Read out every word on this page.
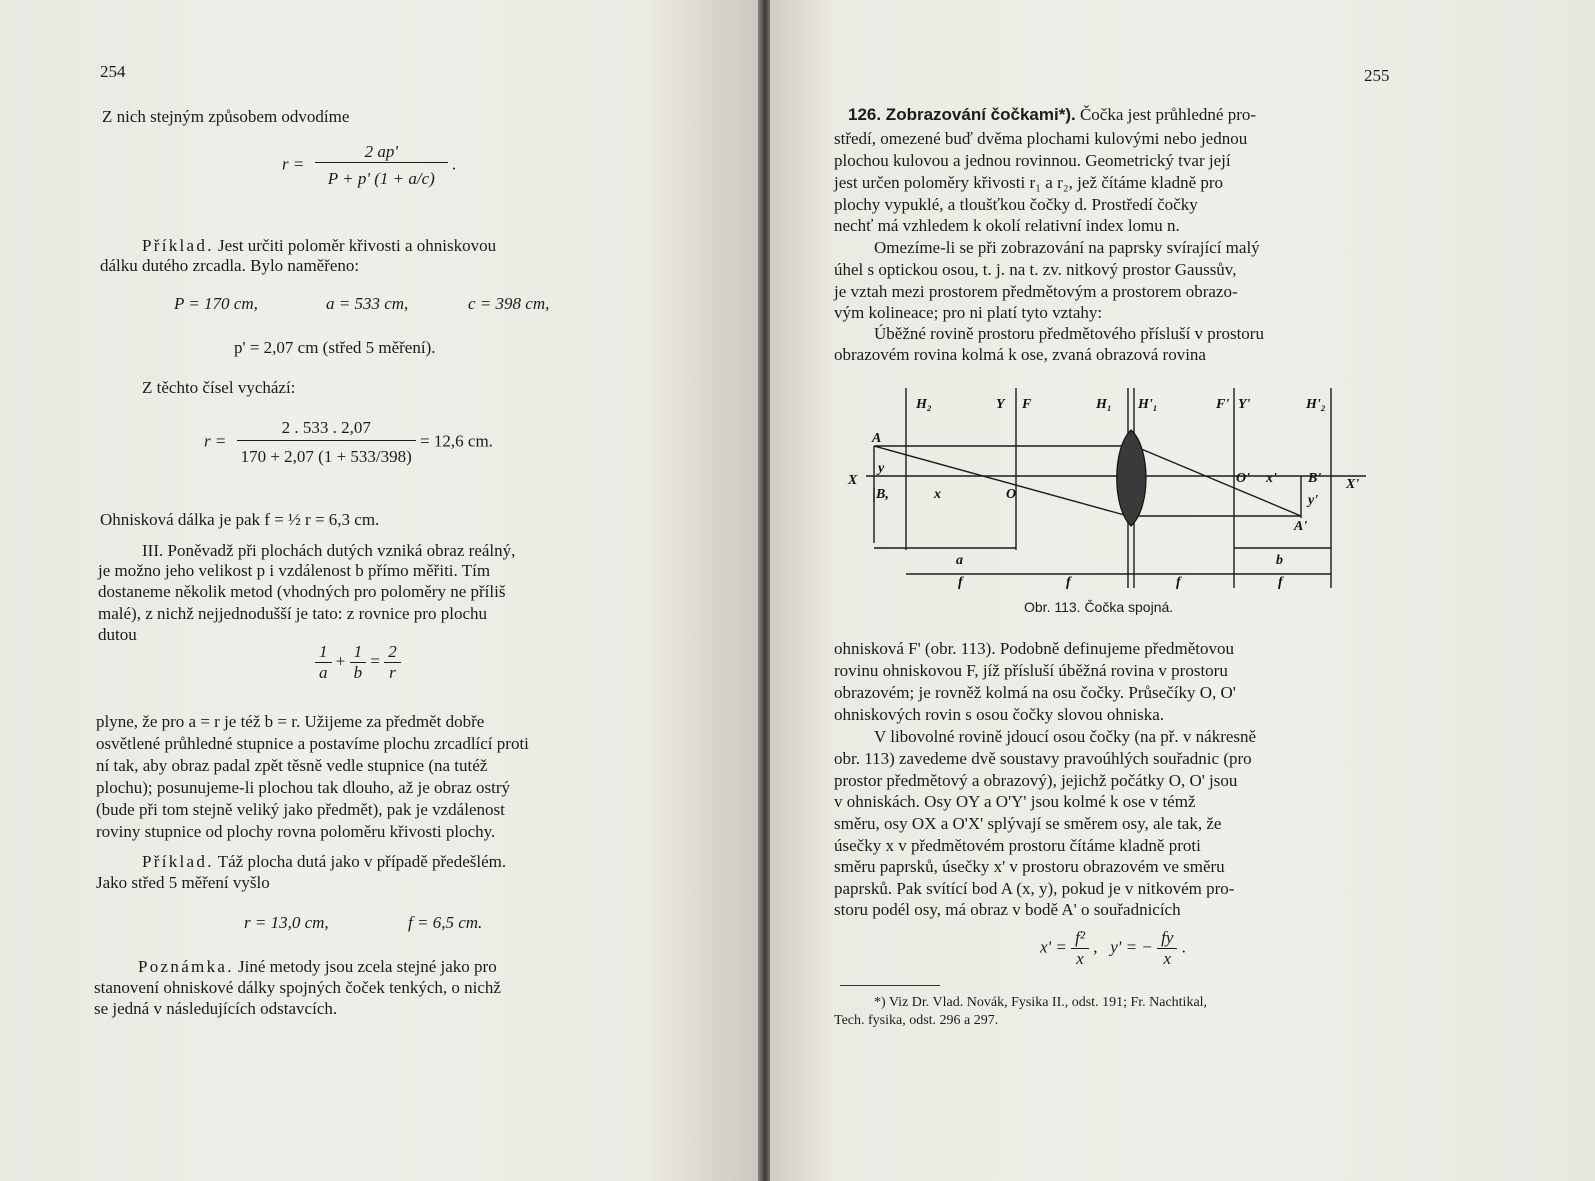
254
Z nich stejným způsobem odvodíme
$r = \frac{2 ap'}{P + p' (1 + a/c)}$ .
Příklad. Jest určiti poloměr křivosti a ohniskovou
dálku dutého zrcadla. Bylo naměřeno:
P = 170 cm,	a = 533 cm,	c = 398 cm,
p' = 2,07 cm (střed 5 měření).
Z těchto čísel vychází:
$r = \frac{2 . 533 . 2,07}{170 + 2,07 (1 + 533/398)} = 12,6$ cm.
Ohnisková dálka je pak f = ½ r = 6,3 cm.
III. Poněvadž při plochách dutých vzniká obraz reálný,
je možno jeho velikost p i vzdálenost b přímo měřiti. Tím
dostaneme několik metod (vhodných pro poloměry ne příliš
malé), z nichž nejjednodušší je tato: z rovnice pro plochu
dutou
$\frac{1}{a} + \frac{1}{b} = \frac{2}{r}$
plyne, že pro a = r je též b = r. Užijeme za předmět dobře
osvětlené průhledné stupnice a postavíme plochu zrcadlící proti
ní tak, aby obraz padal zpět těsně vedle stupnice (na tutéž
plochu); posunujeme-li plochou tak dlouho, až je obraz ostrý
(bude při tom stejně veliký jako předmět), pak je vzdálenost
roviny stupnice od plochy rovna poloměru křivosti plochy.
Příklad. Táž plocha dutá jako v případě předešlém.
Jako střed 5 měření vyšlo
r = 13,0 cm,	f = 6,5 cm.
Poznámka. Jiné metody jsou zcela stejné jako pro
stanovení ohniskové dálky spojných čoček tenkých, o nichž
se jedná v následujících odstavcích.
255
126. Zobrazování čočkami*). Čočka jest průhledné pro-
středí, omezené buď dvěma plochami kulovými nebo jednou
plochou kulovou a jednou rovinnou. Geometrický tvar její
jest určen poloměry křivosti r₁ a r₂, jež čítáme kladně pro
plochy vypuklé, a tloušťkou čočky d. Prostředí čočky
nechť má vzhledem k okolí relativní index lomu n.
Omezíme-li se při zobrazování na paprsky svírající malý
úhel s optickou osou, t. j. na t. zv. nitkový prostor Gaussův,
je vztah mezi prostorem předmětovým a prostorem obrazo-
vým kolineace; pro ni platí tyto vztahy:
Úběžné rovině prostoru předmětového přísluší v prostoru
obrazovém rovina kolmá k ose, zvaná obrazová rovina
H₂	Y F	H₁ H'₁	F' Y'	H'₂
A
y
X
B,	x	O
O' x' B'
y'
A'
X'
a	b
f	f	f	f
Obr. 113. Čočka spojná.
ohnisková F' (obr. 113). Podobně definujeme předmětovou
rovinu ohniskovou F, jíž přísluší úběžná rovina v prostoru
obrazovém; je rovněž kolmá na osu čočky. Průsečíky O, O'
ohniskových rovin s osou čočky slovou ohniska.
V libovolné rovině jdoucí osou čočky (na př. v nákresně
obr. 113) zavedeme dvě soustavy pravoúhlých souřadnic (pro
prostor předmětový a obrazový), jejichž počátky O, O' jsou
v ohniskách. Osy OY a O'Y' jsou kolmé k ose v témž
směru, osy OX a O'X' splývají se směrem osy, ale tak, že
úsečky x v předmětovém prostoru čítáme kladně proti
směru paprsků, úsečky x' v prostoru obrazovém ve směru
paprsků. Pak svítící bod A (x, y), pokud je v nitkovém pro-
storu podél osy, má obraz v bodě A' o souřadnicích
$x' = \frac{\text{f²}}{x}$ ,   y' = − $\frac{fy}{x}$ .
*) Viz Dr. Vlad. Novák, Fysika II., odst. 191; Fr. Nachtikal,
Tech. fysika, odst. 296 a 297.
